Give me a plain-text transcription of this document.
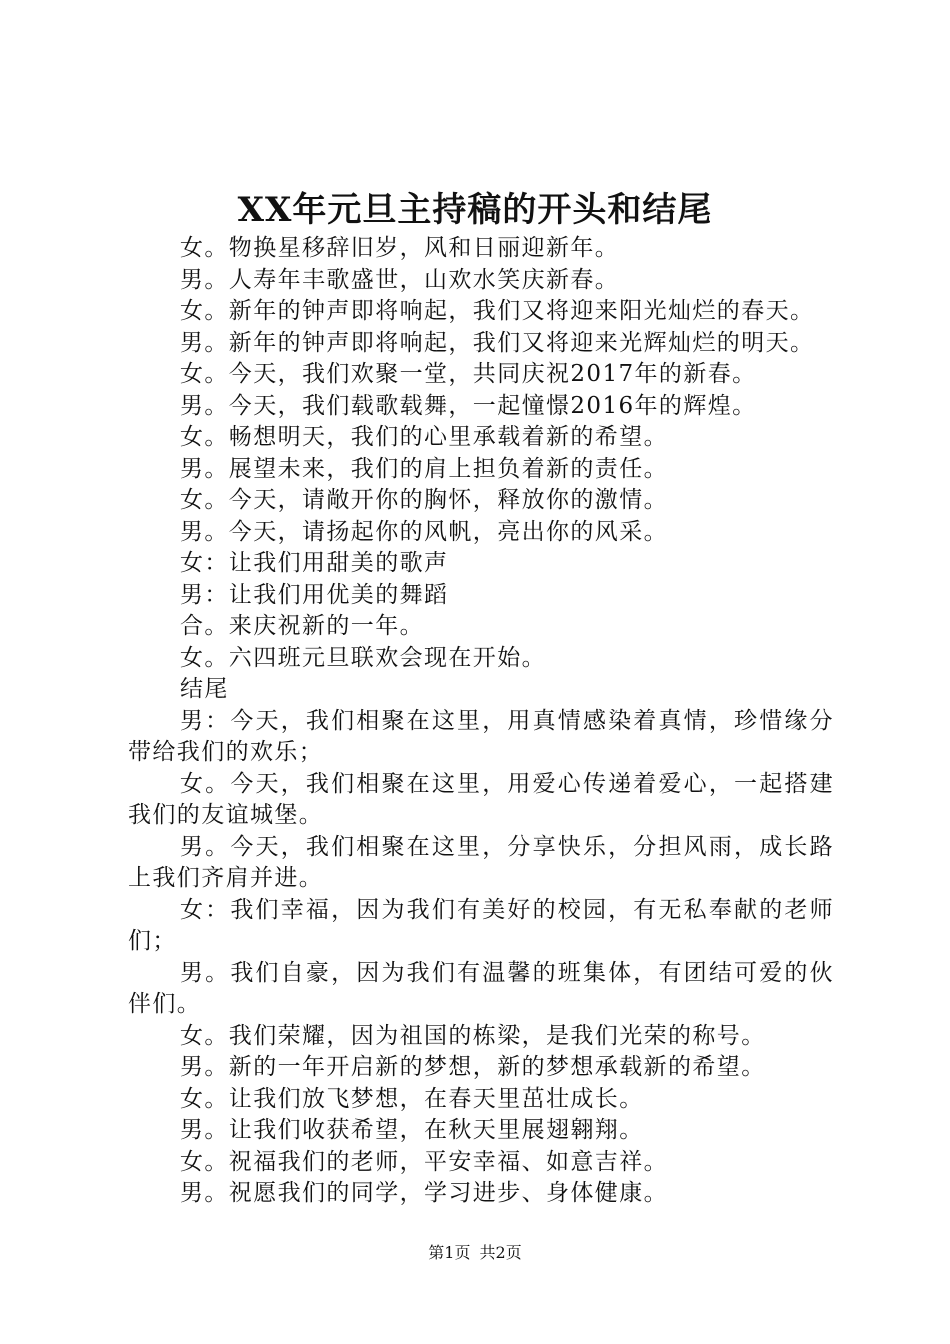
XX年元旦主持稿的开头和结尾

女。物换星移辞旧岁，风和日丽迎新年。

男。人寿年丰歌盛世，山欢水笑庆新春。

女。新年的钟声即将响起，我们又将迎来阳光灿烂的春天。

男。新年的钟声即将响起，我们又将迎来光辉灿烂的明天。

女。今天，我们欢聚一堂，共同庆祝2017年的新春。

男。今天，我们载歌载舞，一起憧憬2016年的辉煌。

女。畅想明天，我们的心里承载着新的希望。

男。展望未来，我们的肩上担负着新的责任。

女。今天，请敞开你的胸怀，释放你的激情。

男。今天，请扬起你的风帆，亮出你的风采。

女：让我们用甜美的歌声

男：让我们用优美的舞蹈

合。来庆祝新的一年。

女。六四班元旦联欢会现在开始。

结尾

男：今天，我们相聚在这里，用真情感染着真情，珍惜缘分带给我们的欢乐；

女。今天，我们相聚在这里，用爱心传递着爱心，一起搭建我们的友谊城堡。

男。今天，我们相聚在这里，分享快乐，分担风雨，成长路上我们齐肩并进。

女：我们幸福，因为我们有美好的校园，有无私奉献的老师们；

男。我们自豪，因为我们有温馨的班集体，有团结可爱的伙伴们。

女。我们荣耀，因为祖国的栋梁，是我们光荣的称号。

男。新的一年开启新的梦想，新的梦想承载新的希望。

女。让我们放飞梦想，在春天里茁壮成长。

男。让我们收获希望，在秋天里展翅翱翔。

女。祝福我们的老师，平安幸福、如意吉祥。

男。祝愿我们的同学，学习进步、身体健康。

第1页 共2页
